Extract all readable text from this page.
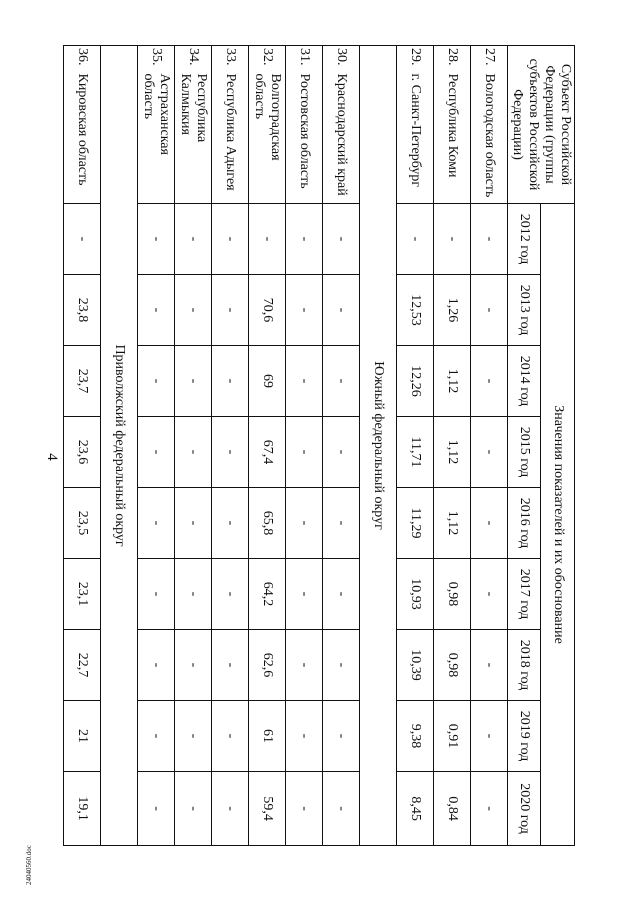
4
Субъект Российской Федерации (группы субъектов Российской Федерации)		Значения показателей и их обоснование								
		2012 год	2013 год	2014 год	2015 год	2016 год	2017 год	2018 год	2019 год	2020 год
27.	Вологодская область	-	-	-	-	-	-	-	-	-
28.	Республика Коми	-	1,26	1,12	1,12	1,12	0,98	0,98	0,91	0,84
29.	г. Санкт-Петербург	-	12,53	12,26	11,71	11,29	10,93	10,39	9,38	8,45
Южный федеральный округ										
30.	Краснодарский край	-	-	-	-	-	-	-	-	-
31.	Ростовская область	-	-	-	-	-	-	-	-	-
32.	Волгоградская область	-	70,6	69	67,4	65,8	64,2	62,6	61	59,4
33.	Республика Адыгея	-	-	-	-	-	-	-	-	-
34.	Республика Калмыкия	-	-	-	-	-	-	-	-	-
35.	Астраханская область	-	-	-	-	-	-	-	-	-
Приволжский федеральный округ										
36.	Кировская область	-	23,8	23,7	23,6	23,5	23,1	22,7	21	19,1
24040560.doc
